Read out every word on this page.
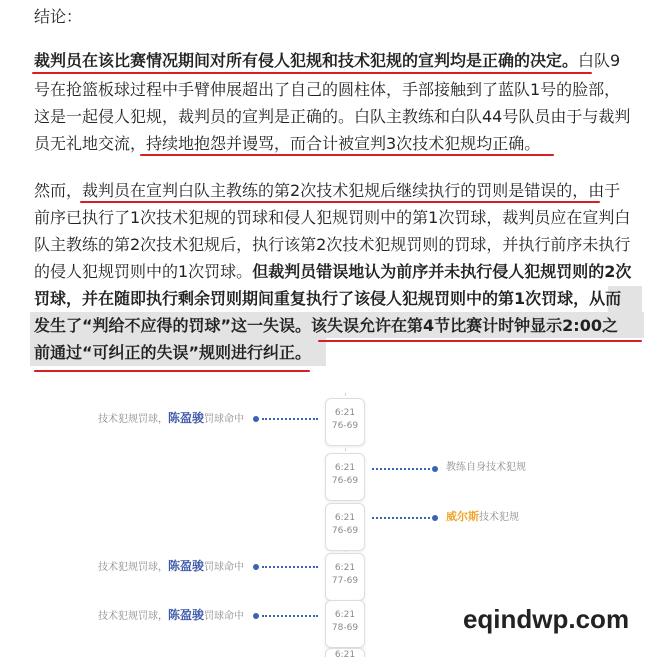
结论：
裁判员在该比赛情况期间对所有侵人犯规和技术犯规的宣判均是正确的决定。白队9
号在抢篮板球过程中手臂伸展超出了自己的圆柱体，手部接触到了蓝队1号的脸部，
这是一起侵人犯规，裁判员的宣判是正确的。白队主教练和白队44号队员由于与裁判
员无礼地交流，持续地抱怨并谩骂，而合计被宣判3次技术犯规均正确。
然而，裁判员在宣判白队主教练的第2次技术犯规后继续执行的罚则是错误的，由于
前序已执行了1次技术犯规的罚球和侵人犯规罚则中的第1次罚球，裁判员应在宣判白
队主教练的第2次技术犯规后，执行该第2次技术犯规罚则的罚球，并执行前序未执行
的侵人犯规罚则中的1次罚球。但裁判员错误地认为前序并未执行侵人犯规罚则的2次
罚球，并在随即执行剩余罚则期间重复执行了该侵人犯规罚则中的第1次罚球，从而
发生了“判给不应得的罚球”这一失误。该失误允许在第4节比赛计时钟显示2:00之
前通过“可纠正的失误”规则进行纠正。
6:21
76-69
技术犯规罚球，陈盈骏罚球命中
6:21
76-69
教练自身技术犯规
6:21
76-69
威尔斯技术犯规
6:21
77-69
技术犯规罚球，陈盈骏罚球命中
6:21
78-69
技术犯规罚球，陈盈骏罚球命中
6:21
eqindwp.com
